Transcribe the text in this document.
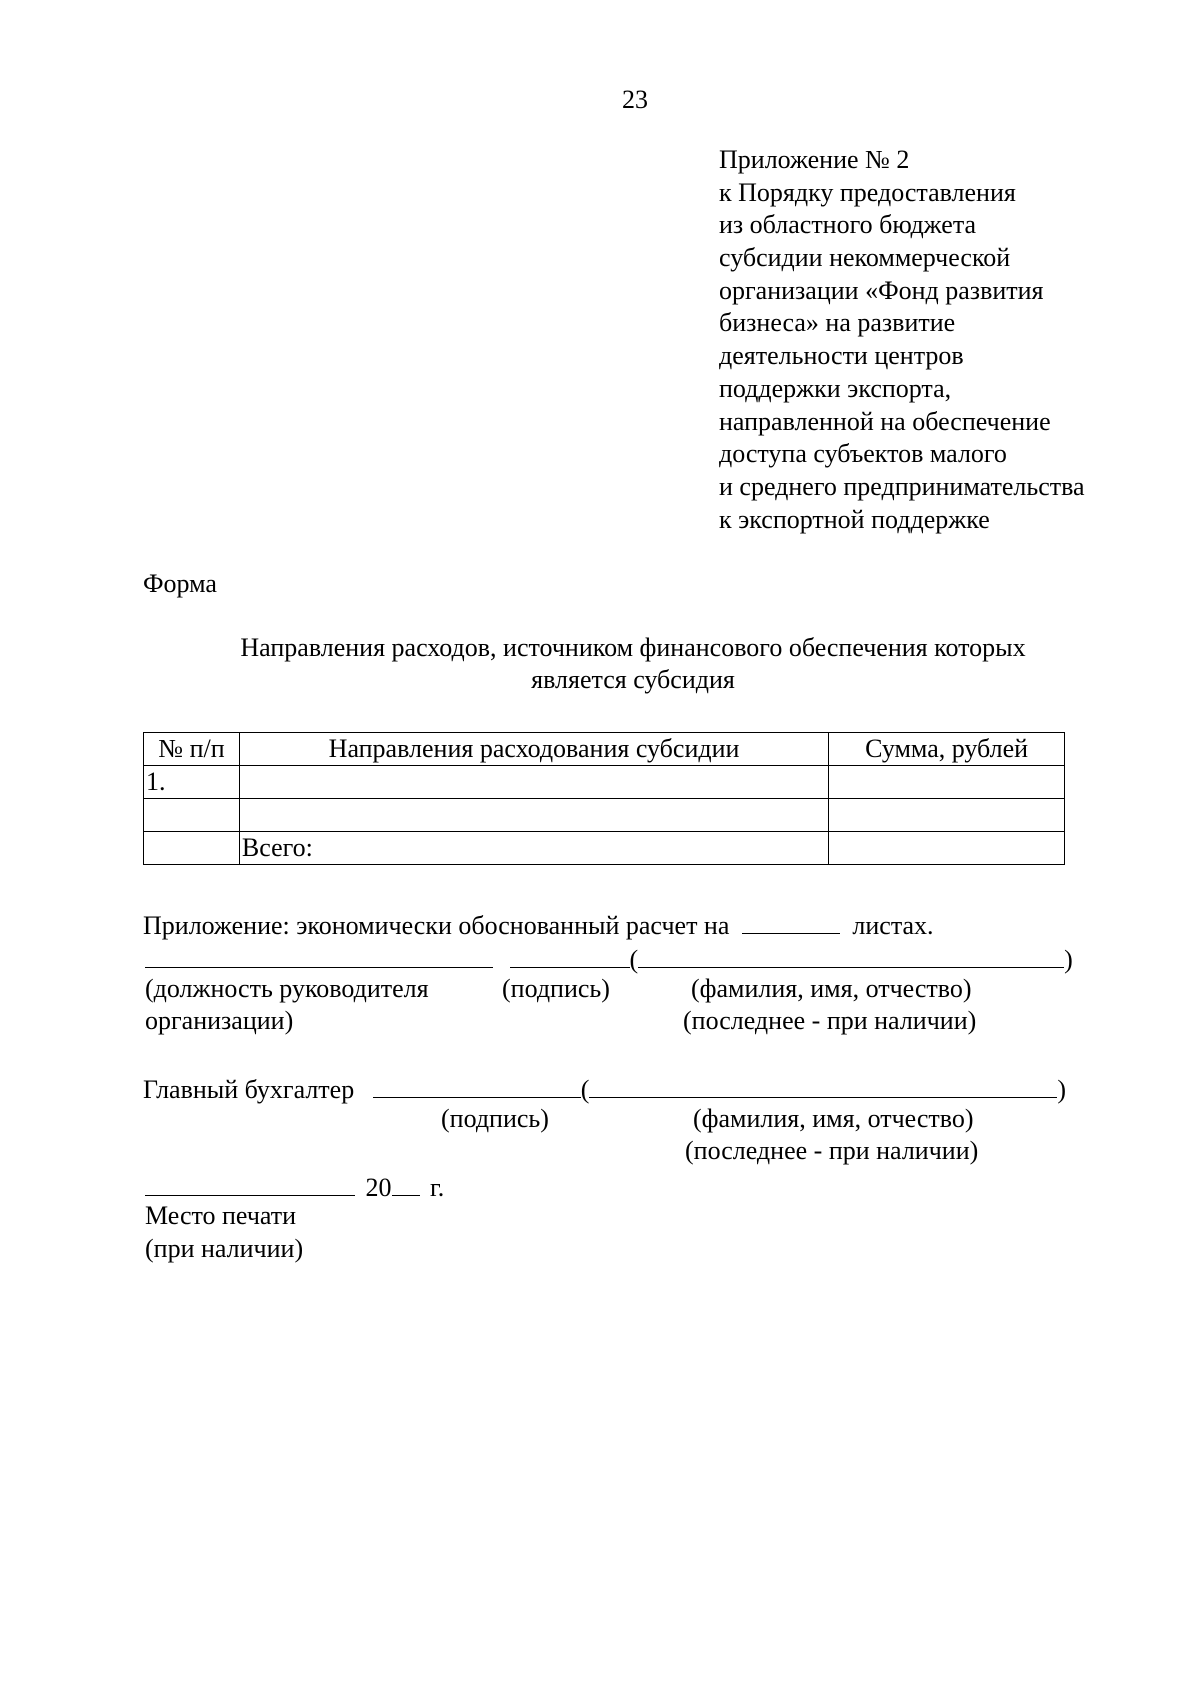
23
Приложение № 2
к Порядку предоставления
из областного бюджета
субсидии некоммерческой
организации «Фонд развития
бизнеса» на развитие
деятельности центров
поддержки экспорта,
направленной на обеспечение
доступа субъектов малого
и среднего предпринимательства
к экспортной поддержке
Форма
Направления расходов, источником финансового обеспечения которых
является субсидия
№ п/п	Направления расходования субсидии	Сумма, рублей
1.		

	Всего:	
Приложение: экономически обоснованный расчет на	листах.
(	)
(должность руководителя
организации)
(подпись)	(фамилия, имя, отчество)
(последнее - при наличии)
Главный бухгалтер	(	)
(подпись)	(фамилия, имя, отчество)
(последнее - при наличии)
20 г.
Место печати
(при наличии)
